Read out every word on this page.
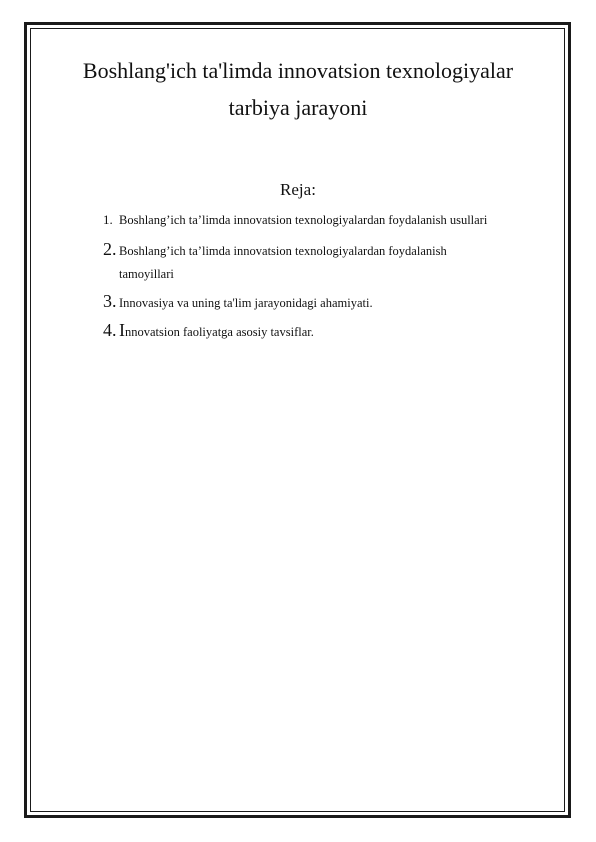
Boshlang'ich ta'limda innovatsion texnologiyalar
tarbiya jarayoni
Reja:
1. Boshlang’ich ta’limda innovatsion texnologiyalardan foydalanish usullari
2. Boshlang’ich ta’limda innovatsion texnologiyalardan foydalanish
tamoyillari
3. Innovasiya va uning ta'lim jarayonidagi ahamiyati.
4. Innovatsion faoliyatga asosiy tavsiflar.
